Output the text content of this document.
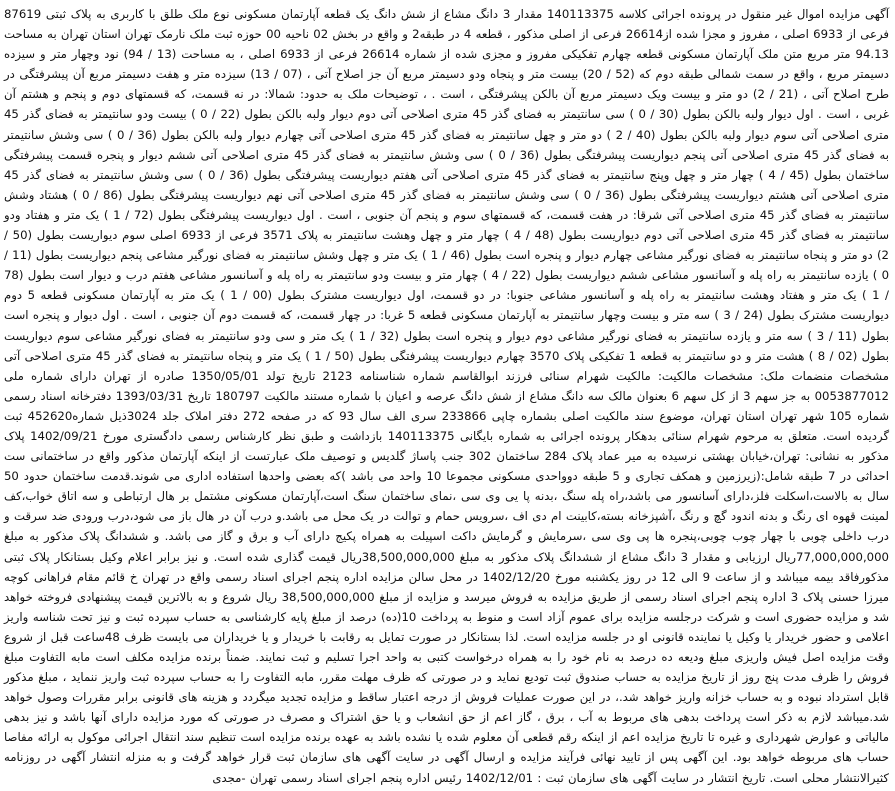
آگهی مزایده اموال غیر منقول در پرونده اجرائی کلاسه 140113375 مقدار 3 دانگ مشاع از شش دانگ یک قطعه آپارتمان مسکونی نوع ملک طلق با کاربری به پلاک ثبتی 87619 فرعی از 6933 اصلی ، مفروز و مجزا شده از26614 فرعی از اصلی مذکور ، قطعه 4 در طبقه2 و واقع در بخش 02 ناحیه 00 حوزه ثبت ملک نارمک تهران استان تهران به مساحت 94.13 متر مربع متن ملک آپارتمان مسکونی قطعه چهارم تفکیکی مفروز و مجزی شده از شماره 26614 فرعی از 6933 اصلی ، به مساحت (13 / 94) نود وچهار متر و سیزده دسیمتر مربع ، واقع در سمت شمالی طبقه دوم که (52 / 20) بیست متر و پنجاه ودو دسیمتر مربع آن جز اصلاح آتی ، (07 / 13) سیزده متر و هفت دسیمتر مربع آن پیشرفتگی در طرح اصلاح آتی ، (21 / 2) دو متر و بیست ویک دسیمتر مربع آن بالکن پیشرفتگی ، است . ، توضیحات ملک به حدود: شمالا: در نه قسمت، که قسمتهای دوم و پنجم و هشتم آن غربی ، است . اول دیوار ولبه بالکن بطول (30 / 0 ) سی سانتیمتر به فضای گذر 45 متری اصلاحی آتی دوم دیوار ولبه بالکن بطول (22 / 0 ) بیست ودو سانتیمتر به فضای گذر 45 متری اصلاحی آتی سوم دیوار ولبه بالکن بطول (40 / 2 ) دو متر و چهل سانتیمتر به فضای گذر 45 متری اصلاحی آتی چهارم دیوار ولبه بالکن بطول (36 / 0 ) سی وشش سانتیمتر به فضای گذر 45 متری اصلاحی آتی پنجم دیواریست پیشرفتگی بطول (36 / 0 ) سی وشش سانتیمتر به فضای گذر 45 متری اصلاحی آتی ششم دیوار و پنجره قسمت پیشرفتگی ساختمان بطول (45 / 4 ) چهار متر و چهل وپنج سانتیمتر به فضای گذر 45 متری اصلاحی آتی هفتم دیواریست پیشرفتگی بطول (36 / 0 ) سی وشش سانتیمتر به فضای گذر 45 متری اصلاحی آتی هشتم دیواریست پیشرفتگی بطول (36 / 0 ) سی وشش سانتیمتر به فضای گذر 45 متری اصلاحی آتی نهم دیواریست پیشرفتگی بطول (86 / 0 ) هشتاد وشش سانتیمتر به فضای گذر 45 متری اصلاحی آتی شرقا: در هفت قسمت، که قسمتهای سوم و پنجم آن جنوبی ، است . اول دیواریست پیشرفتگی بطول (72 / 1 ) یک متر و هفتاد ودو سانتیمتر به فضای گذر 45 متری اصلاحی آتی دوم دیواریست بطول (48 / 4 ) چهار متر و چهل وهشت سانتیمتر به پلاک 3571 فرعی از 6933 اصلی سوم دیواریست بطول (50 / 2) دو متر و پنجاه سانتیمتر به فضای نورگیر مشاعی چهارم دیوار و پنجره است بطول (46 / 1 ) یک متر و چهل وشش سانتیمتر به فضای نورگیر مشاعی پنجم دیواریست بطول (11 / 0 ) یازده سانتیمتر به راه پله و آسانسور مشاعی ششم دیواریست بطول (22 / 4 ) چهار متر و بیست ودو سانتیمتر به راه پله و آسانسور مشاعی هفتم درب و دیوار است بطول (78 / 1 ) یک متر و هفتاد وهشت سانتیمتر به راه پله و آسانسور مشاعی جنوبا: در دو قسمت، اول دیواریست مشترک بطول (00 / 1 ) یک متر به آپارتمان مسکونی قطعه 5 دوم دیواریست مشترک بطول (24 / 3 ) سه متر و بیست وچهار سانتیمتر به آپارتمان مسکونی قطعه 5 غربا: در چهار قسمت، که قسمت دوم آن جنوبی ، است . اول دیوار و پنجره است بطول (11 / 3 ) سه متر و یازده سانتیمتر به فضای نورگیر مشاعی دوم دیوار و پنجره است بطول (32 / 1 ) یک متر و سی ودو سانتیمتر به فضای نورگیر مشاعی سوم دیواریست بطول (02 / 8 ) هشت متر و دو سانتیمتر به قطعه 1 تفکیکی پلاک 3570 چهارم دیواریست پیشرفتگی بطول (50 / 1 ) یک متر و پنجاه سانتیمتر به فضای گذر 45 متری اصلاحی آتی مشخصات منضمات ملک: مشخصات مالکیت: مالکیت شهرام سنائی فرزند ابوالقاسم شماره شناسنامه 2123 تاریخ تولد 1350/05/01 صادره از تهران دارای شماره ملی 0053877012 به جز سهم 3 از کل سهم 6 بعنوان مالک سه دانگ مشاع از شش دانگ عرصه و اعیان با شماره مستند مالکیت 180797 تاریخ 1393/03/31 دفترخانه اسناد رسمی شماره 105 شهر تهران استان تهران، موضوع سند مالکیت اصلی بشماره چاپی 233866 سری الف سال 93 که در صفحه 272 دفتر املاک جلد 3024ذیل شماره452620 ثبت گردیده است. متعلق به مرحوم شهرام سنائی بدهکار پرونده اجرائی به شماره بایگانی 140113375 بازداشت و طبق نظر کارشناس رسمی دادگستری مورخ 1402/09/21 پلاک مذکور به نشانی: تهران،خیابان بهشتی نرسیده به میر عماد پلاک 284 ساختمان 302 جنب پاساژ گلدیس و توصیف ملک عبارتست از اینکه آپارتمان مذکور واقع در ساختمانی ست احداثی در 7 طبقه شامل:(زیرزمین و همکف تجاری و 5 طبقه دوواحدی مسکونی مجموعا 10 واحد می باشد )که بعضی واحدها استفاده اداری می شوند.قدمت ساختمان حدود 50 سال به بالاست،اسکلت فلز،دارای آسانسور می باشد،راه پله سنگ ،بدنه پا یی وی سی ،نمای ساختمان سنگ است،آپارتمان مسکونی مشتمل بر هال ارتباطی و سه اتاق خواب،کف لمینت قهوه ای رنگ و بدنه اندود گچ و رنگ ،آشپزخانه بسته،کابینت ام دی اف ،سرویس حمام و توالت در یک محل می باشد.و درب آن در هال باز می شود،درب ورودی ضد سرقت و درب داخلی چوبی با چهار چوب چوبی،پنجره ها پی وی سی ،سرمایش و گرمایش داکت اسپیلت به همراه پکیج دارای آب و برق و گاز می باشد. و ششدانگ پلاک مذکور به مبلغ 77,000,000,000ریال ارزیابی و مقدار 3 دانگ مشاع از ششدانگ پلاک مذکور به مبلغ 38,500,000,000ریال قیمت گذاری شده است. و نیز برابر اعلام وکیل بستانکار پلاک ثبتی مذکورفاقد بیمه میباشد و از ساعت 9 الی 12 در روز یکشنبه مورخ 1402/12/20 در محل سالن مزایده اداره پنجم اجرای اسناد رسمی واقع در تهران خ قائم مقام فراهانی کوچه میرزا حسنی پلاک 3 اداره پنجم اجرای اسناد رسمی از طریق مزایده به فروش میرسد و مزایده از مبلغ 38,500,000,000 ریال شروع و به بالاترین قیمت پیشنهادی فروخته خواهد شد و مزایده حضوری است و شرکت درجلسه مزایده برای عموم آزاد است و منوط به پرداخت 10(ده) درصد از مبلغ پایه کارشناسی به حساب سپرده ثبت و نیز تحت شناسه واریز اعلامی و حضور خریدار یا وکیل یا نماینده قانونی او در جلسه مزایده است. لذا بستانکار در صورت تمایل به رقابت با خریدار و یا خریداران می بایست ظرف 48ساعت قبل از شروع وقت مزایده اصل فیش واریزی مبلغ ودیعه ده درصد به نام خود را به همراه درخواست کتبی به واحد اجرا تسلیم و ثبت نمایند. ضمناً برنده مزایده مکلف است مابه التفاوت مبلغ فروش را ظرف مدت پنج روز از تاریخ مزایده به حساب صندوق ثبت تودیع نماید و در صورتی که ظرف مهلت مقرر، مابه التفاوت را به حساب سپرده ثبت واریز ننماید ، مبلغ مذکور قابل استرداد نبوده و به حساب خزانه واریز خواهد شد.، در این صورت عملیات فروش از درجه اعتبار ساقط و مزایده تجدید میگردد و هزینه های قانونی برابر مقررات وصول خواهد شد.میباشد لازم به ذکر است پرداخت بدهی های مربوط به آب ، برق ، گاز اعم از حق انشعاب و یا حق اشتراک و مصرف در صورتی که مورد مزایده دارای آنها باشد و نیز بدهی مالیاتی و عوارض شهرداری و غیره تا تاریخ مزایده اعم از اینکه رقم قطعی آن معلوم شده یا نشده باشد به عهده برنده مزایده است تنظیم سند انتقال اجرائی موکول به ارائه مفاصا حساب های مربوطه خواهد بود. این آگهی پس از تایید نهائی فرآیند مزایده و ارسال آگهی در سایت آگهی های سازمان ثبت قرار خواهد گرفت و به منزله انتشار آگهی در روزنامه کثیرالانتشار محلی است. تاریخ انتشار در سایت آگهی های سازمان ثبت : 1402/12/01 رئیس اداره پنجم اجرای اسناد رسمی تهران -مجدی
